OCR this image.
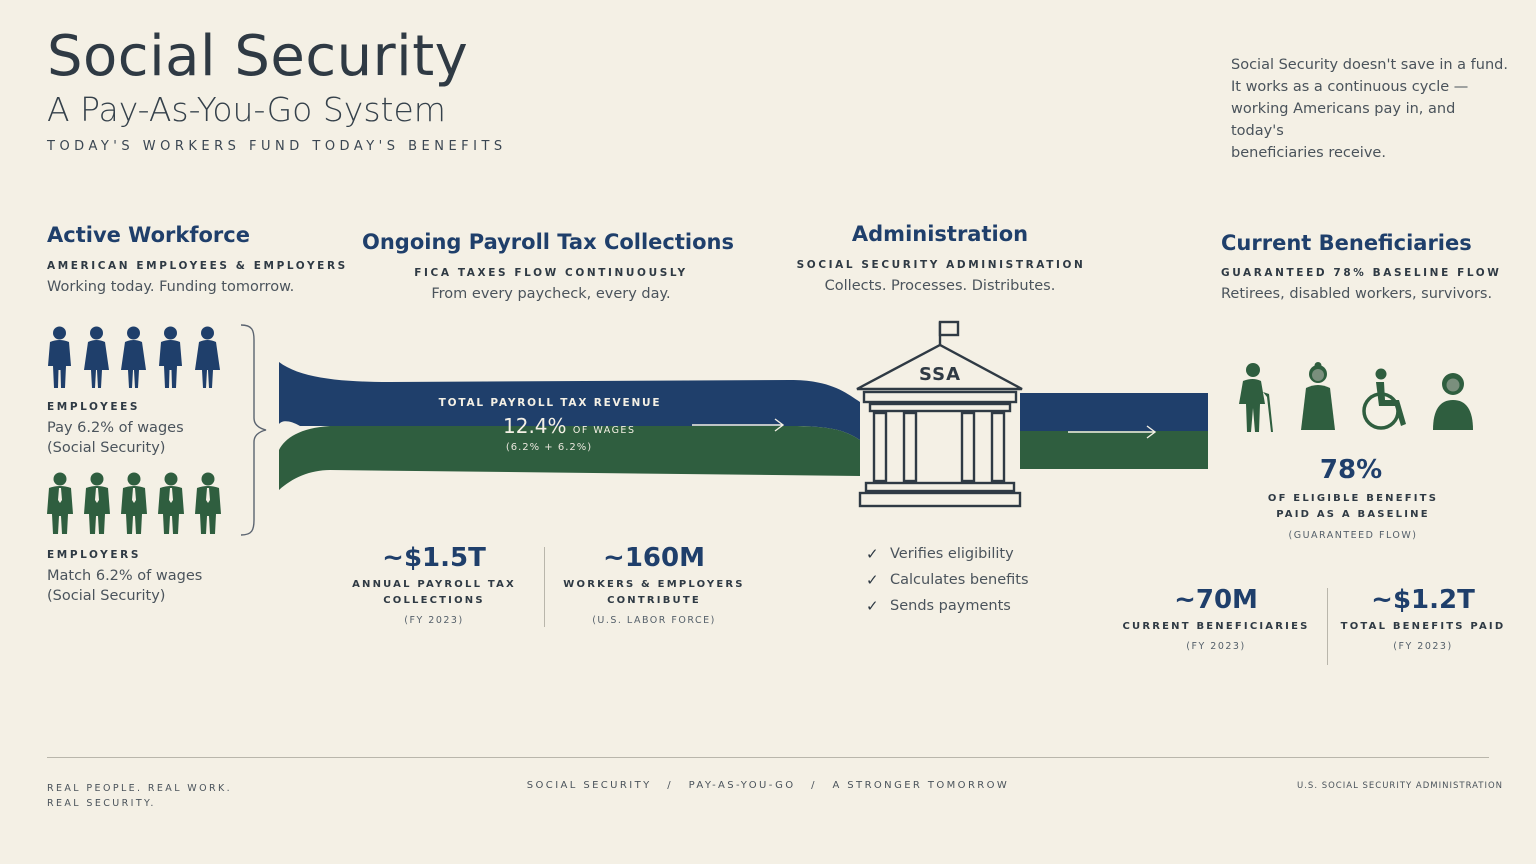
Social Security
A Pay-As-You-Go System
TODAY'S WORKERS FUND TODAY'S BENEFITS
Social Security doesn't save in a fund.
It works as a continuous cycle —
working Americans pay in, and today's
beneficiaries receive.
SSA
TOTAL PAYROLL TAX REVENUE
12.4% OF WAGES
(6.2% + 6.2%)
Active Workforce
AMERICAN EMPLOYEES & EMPLOYERS
Working today. Funding tomorrow.
EMPLOYEES
Pay 6.2% of wages
(Social Security)
EMPLOYERS
Match 6.2% of wages
(Social Security)
Ongoing Payroll Tax Collections
FICA TAXES FLOW CONTINUOUSLY
From every paycheck, every day.
~$1.5T
ANNUAL PAYROLL TAX
COLLECTIONS
(FY 2023)
~160M
WORKERS & EMPLOYERS
CONTRIBUTE
(U.S. LABOR FORCE)
Administration
SOCIAL SECURITY ADMINISTRATION
Collects. Processes. Distributes.
✓ Verifies eligibility
✓ Calculates benefits
✓ Sends payments
Current Beneficiaries
GUARANTEED 78% BASELINE FLOW
Retirees, disabled workers, survivors.
78%
OF ELIGIBLE BENEFITS
PAID AS A BASELINE
(GUARANTEED FLOW)
~70M
CURRENT BENEFICIARIES
(FY 2023)
~$1.2T
TOTAL BENEFITS PAID
(FY 2023)
REAL PEOPLE. REAL WORK.
REAL SECURITY.
SOCIAL SECURITY / PAY-AS-YOU-GO / A STRONGER TOMORROW	U.S. SOCIAL SECURITY ADMINISTRATION
